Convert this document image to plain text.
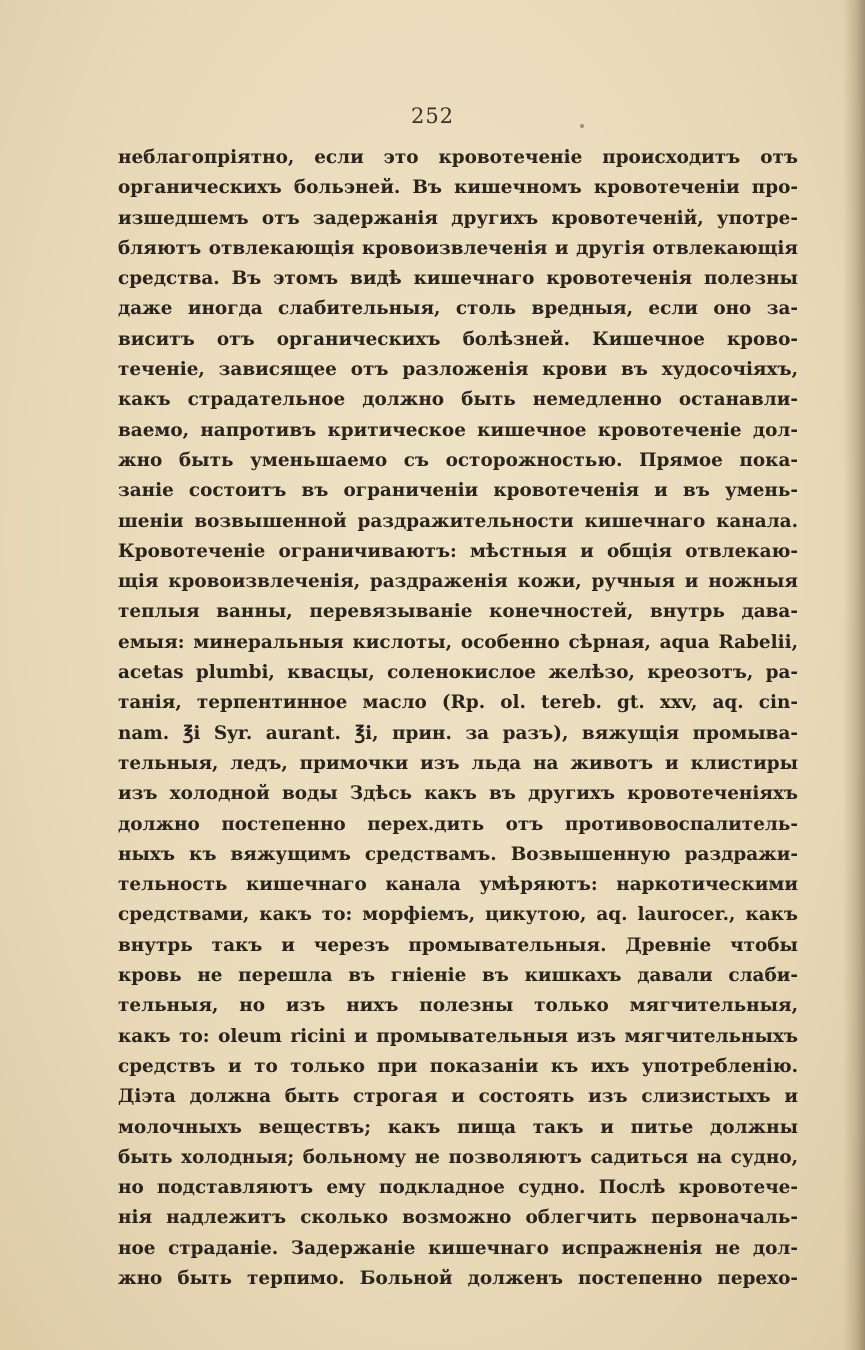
252
неблагопріятно, если это кровотеченіе происходитъ отъ
органическихъ больэней. Въ кишечномъ кровотеченіи про-
изшедшемъ отъ задержанія другихъ кровотеченій, употре-
бляютъ отвлекающія кровоизвлеченія и другія отвлекающія
средства. Въ этомъ видѣ кишечнаго кровотеченія полезны
даже иногда слабительныя, столь вредныя, если оно за-
виситъ отъ органическихъ болѣзней. Кишечное крово-
теченіе, зависящее отъ разложенія крови въ худосочіяхъ,
какъ страдательное должно быть немедленно останавли-
ваемо, напротивъ критическое кишечное кровотеченіе дол-
жно быть уменьшаемо съ осторожностью. Прямое пока-
заніе состоитъ въ ограниченіи кровотеченія и въ умень-
шеніи возвышенной раздражительности кишечнаго канала.
Кровотеченіе ограничиваютъ: мѣстныя и общія отвлекаю-
щія кровоизвлеченія, раздраженія кожи, ручныя и ножныя
теплыя ванны, перевязываніе конечностей, внутрь дава-
емыя: минеральныя кислоты, особенно сѣрная, aqua Rabelii,
acetas plumbi, квасцы, соленокислое желѣзо, креозотъ, ра-
танія, терпентинное масло (Rp. ol. tereb. gt. xxv, aq. cin-
nam. ℥i Syr. aurant. ℥i, прин. за разъ), вяжущія промыва-
тельныя, ледъ, примочки изъ льда на животъ и клистиры
изъ холодной воды Здѣсь какъ въ другихъ кровотеченіяхъ
должно постепенно перех.дить отъ противовоспалитель-
ныхъ къ вяжущимъ средствамъ. Возвышенную раздражи-
тельность кишечнаго канала умѣряютъ: наркотическими
средствами, какъ то: морфіемъ, цикутою, aq. laurocer., какъ
внутрь такъ и черезъ промывательныя. Древніе чтобы
кровь не перешла въ гніеніе въ кишкахъ давали слаби-
тельныя, но изъ нихъ полезны только мягчительныя,
какъ то: oleum ricini и промывательныя изъ мягчительныхъ
средствъ и то только при показаніи къ ихъ употребленію.
Діэта должна быть строгая и состоять изъ слизистыхъ и
молочныхъ веществъ; какъ пища такъ и питье должны
быть холодныя; больному не позволяютъ садиться на судно,
но подставляютъ ему подкладное судно. Послѣ кровотече-
нія надлежитъ сколько возможно облегчить первоначаль-
ное страданіе. Задержаніе кишечнаго испражненія не дол-
жно быть терпимо. Больной долженъ постепенно перехо-
